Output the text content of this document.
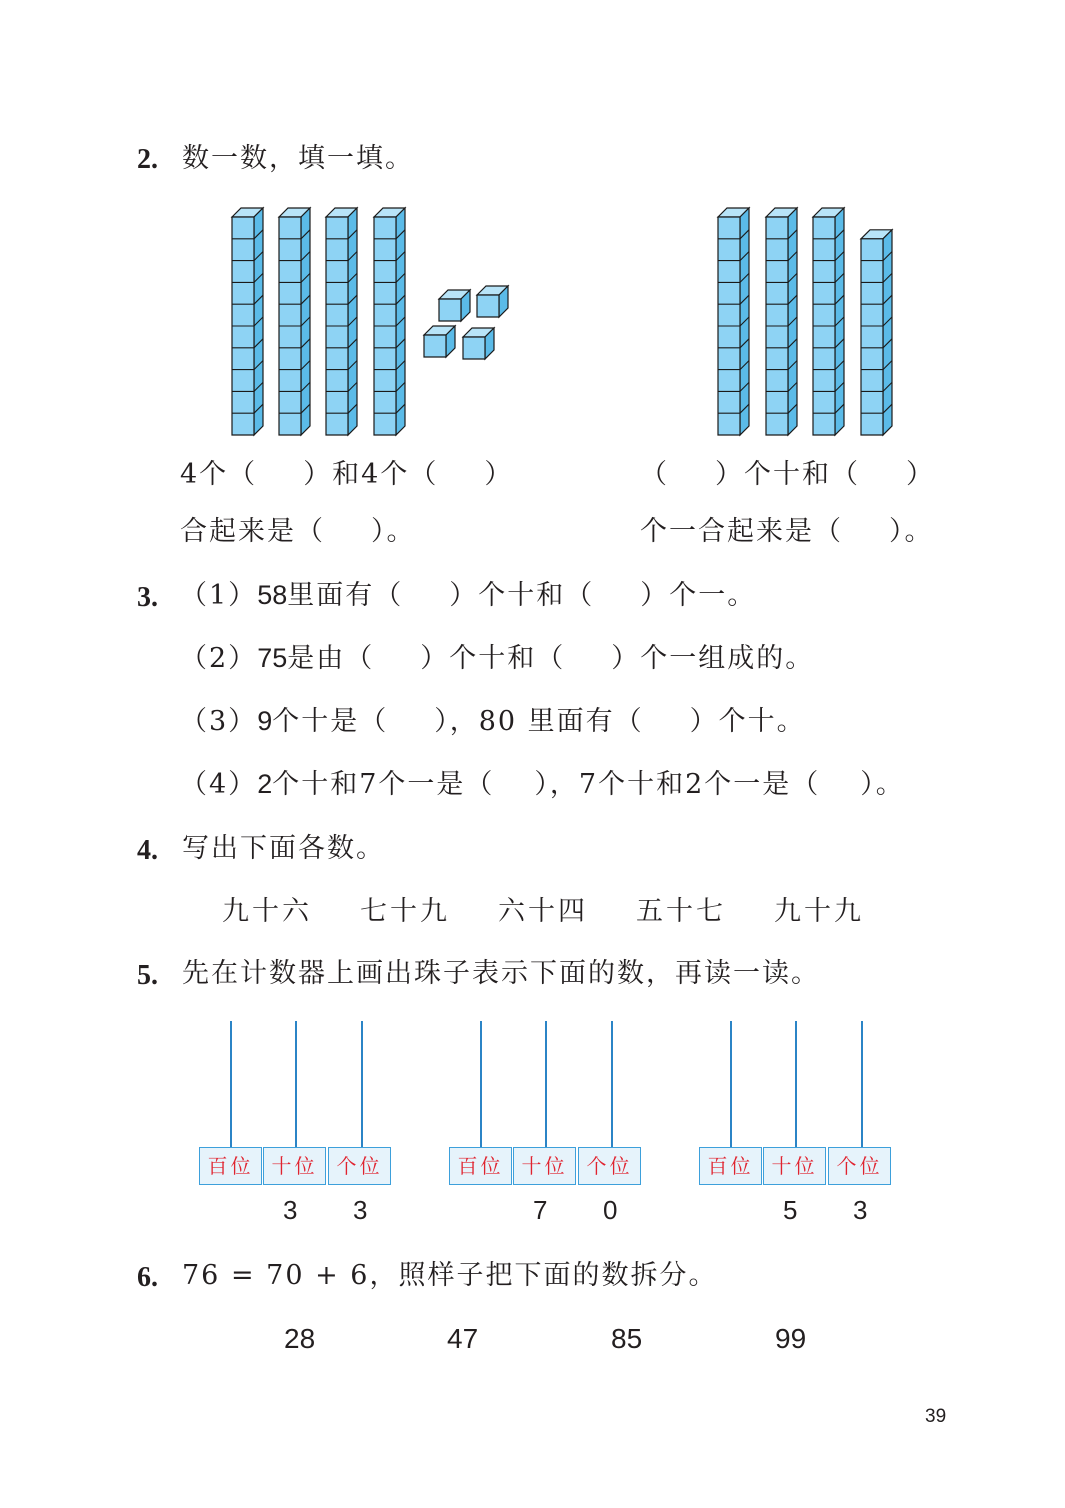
2. 数一数，填一填。
4个（ ）和4个（ ）
合起来是（ ）。
（ ）个十和（ ）
个一合起来是（ ）。
3. （1）58里面有（ ）个十和（ ）个一。
（2）75是由（ ）个十和（ ）个一组成的。
（3）9个十是（ ），80 里面有（ ）个十。
（4）2个十和7个一是（ ），7个十和2个一是（ ）。
4. 写出下面各数。
九十六 七十九 六十四 五十七 九十九
5. 先在计数器上画出珠子表示下面的数，再读一读。
百位 十位 个位
3 3
百位 十位 个位
7 0
百位 十位 个位
5 3
6. 76 = 70 + 6，照样子把下面的数拆分。
28	47	85	99
39
